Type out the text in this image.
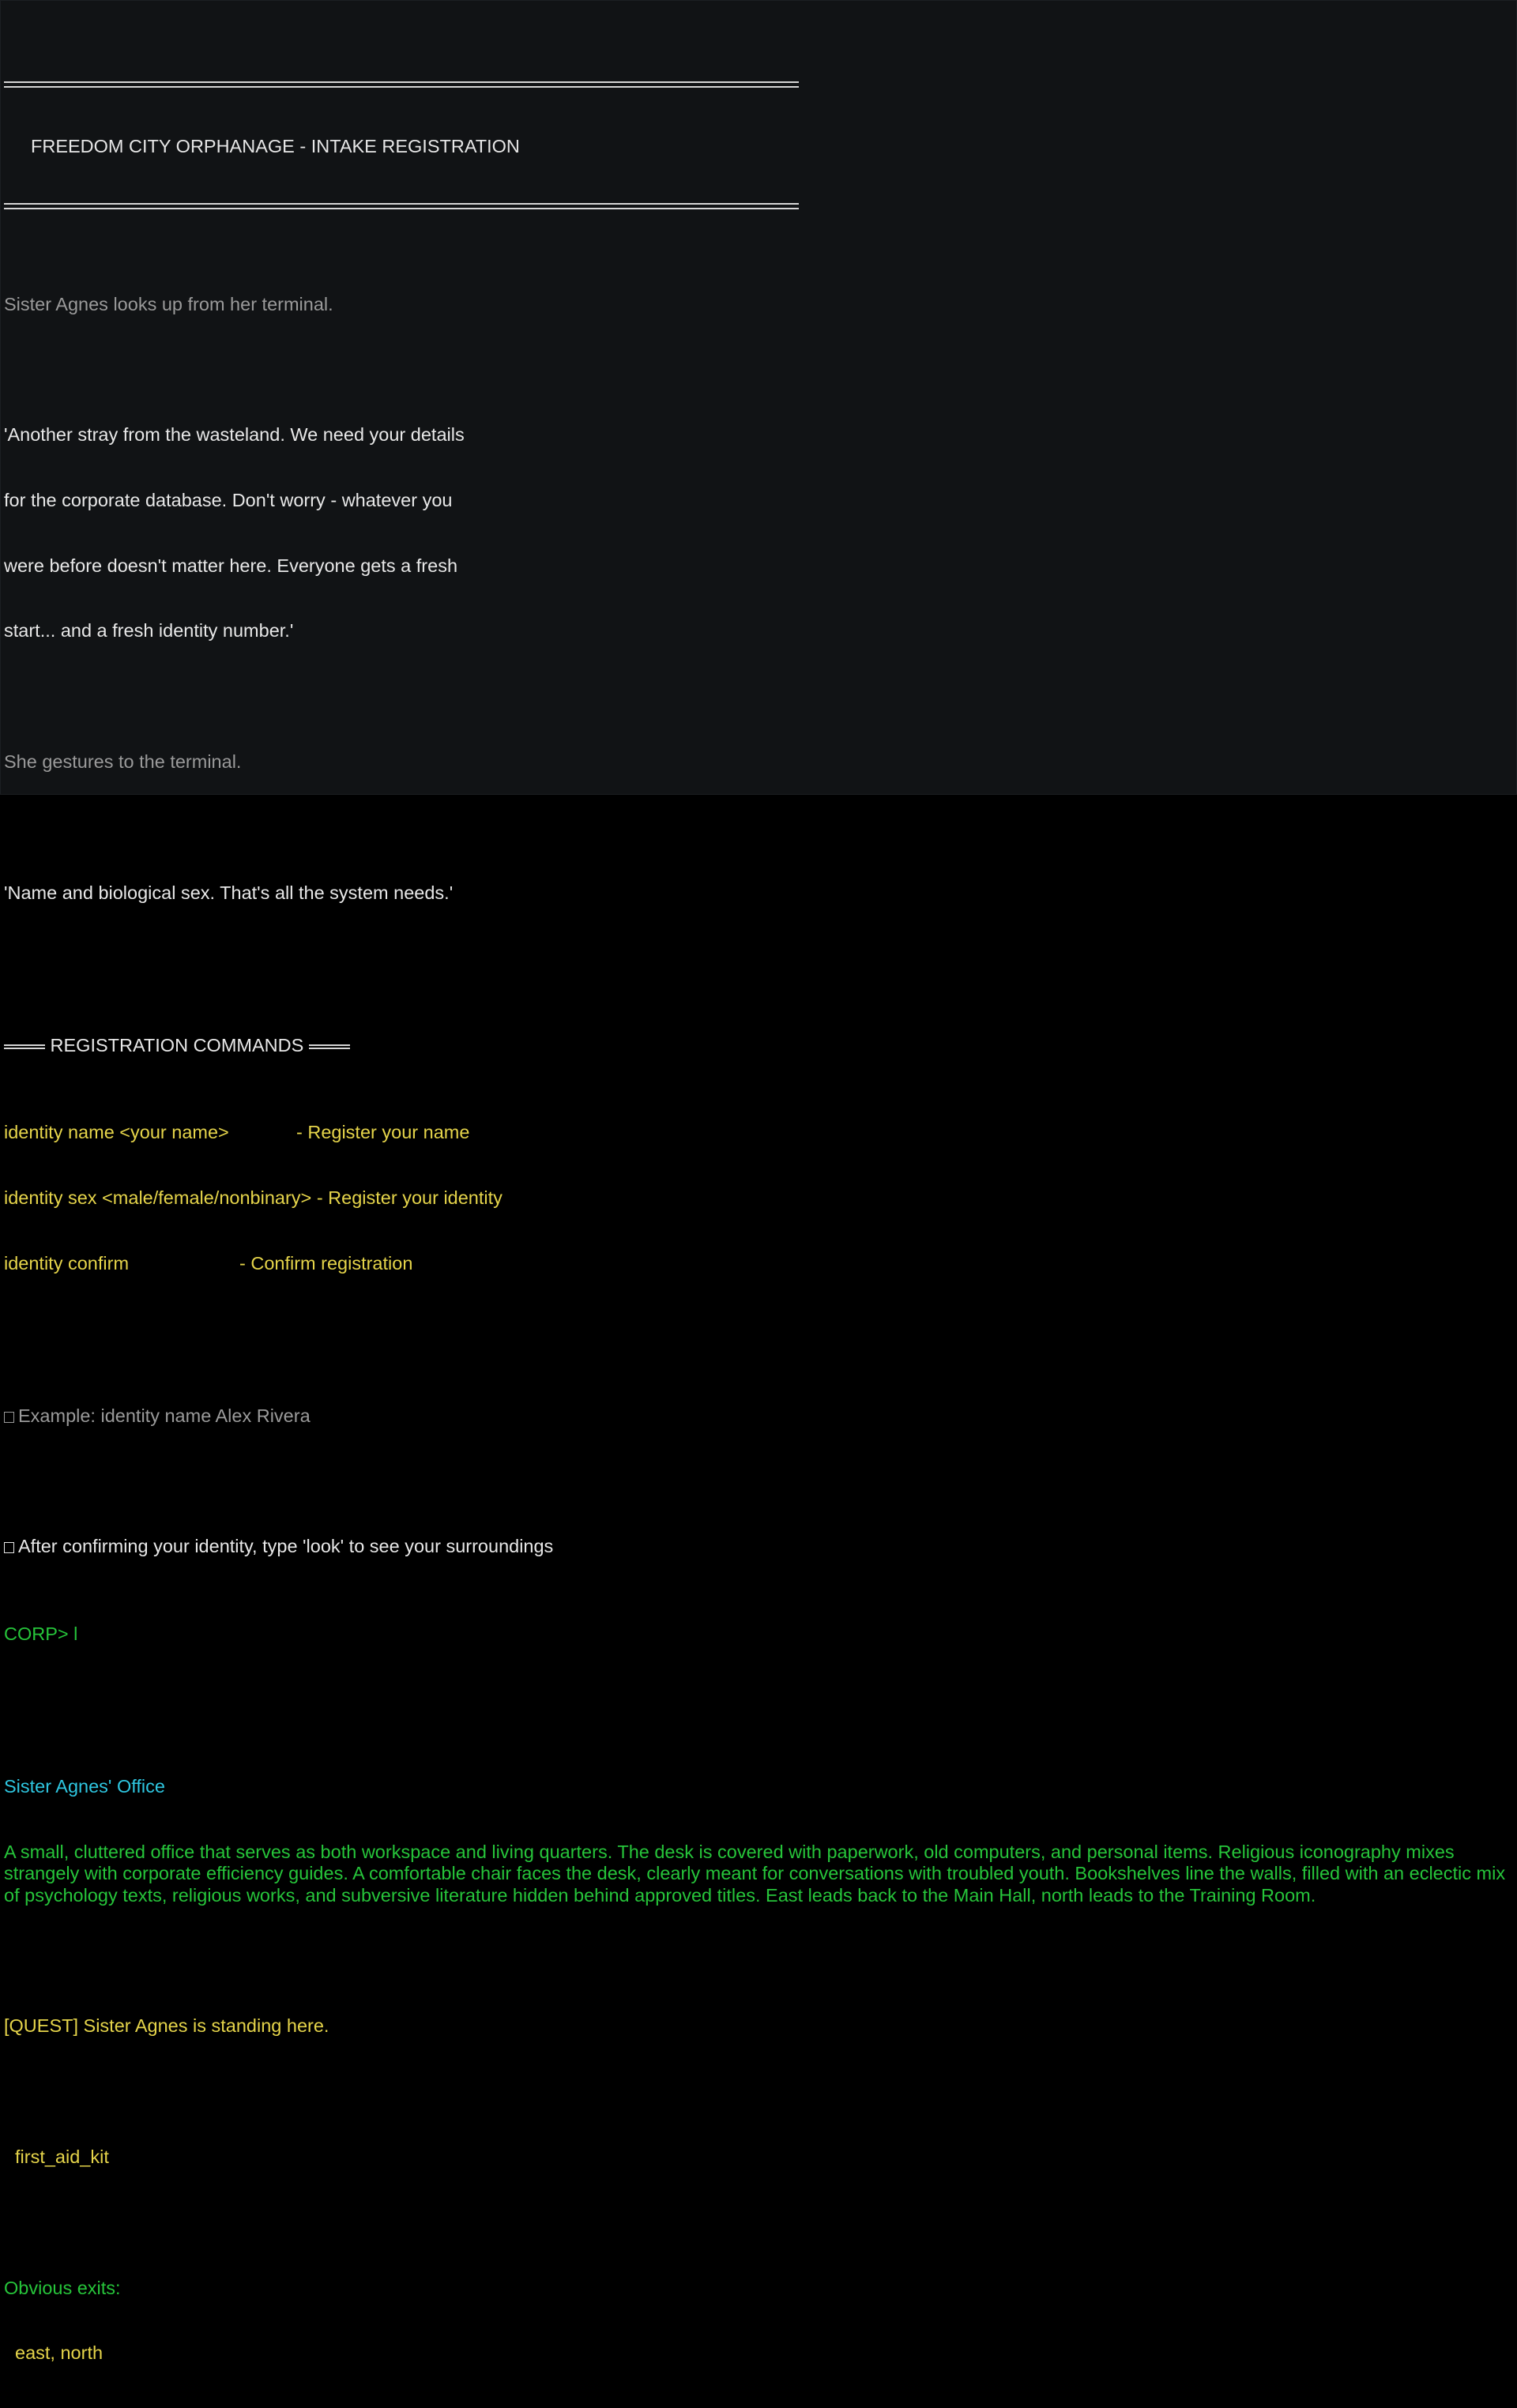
FREEDOM CITY ORPHANAGE - INTAKE REGISTRATION

Sister Agnes looks up from her terminal.

'Another stray from the wasteland. We need your details

for the corporate database. Don't worry - whatever you

were before doesn't matter here. Everyone gets a fresh

start... and a fresh identity number.'

She gestures to the terminal.

'Name and biological sex. That's all the system needs.'

REGISTRATION COMMANDS

identity name <your name>	- Register your name

identity sex <male/female/nonbinary> - Register your identity

identity confirm	- Confirm registration

Example: identity name Alex Rivera

After confirming your identity, type 'look' to see your surroundings

CORP> l

Sister Agnes' Office

A small, cluttered office that serves as both workspace and living quarters. The desk is covered with paperwork, old computers, and personal items. Religious iconography mixes strangely with corporate efficiency guides. A comfortable chair faces the desk, clearly meant for conversations with troubled youth. Bookshelves line the walls, filled with an eclectic mix of psychology texts, religious works, and subversive literature hidden behind approved titles. East leads back to the Main Hall, north leads to the Training Room.

[QUEST] Sister Agnes is standing here.

first_aid_kit

Obvious exits:

east, north
